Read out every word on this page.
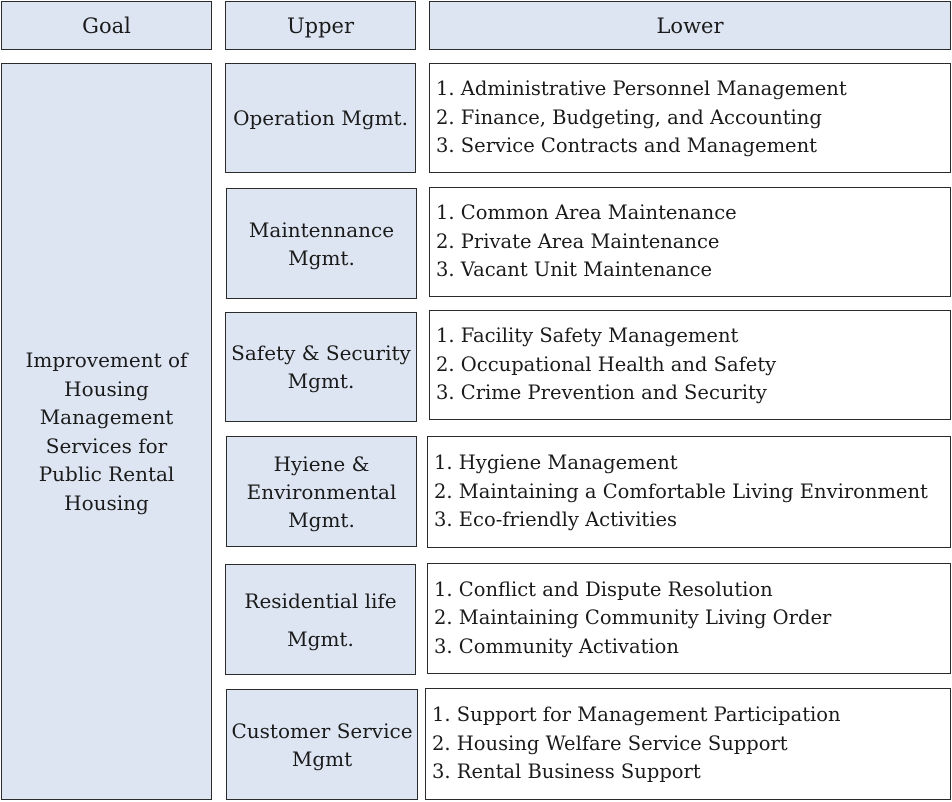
Goal	Upper	Lower
Improvement of
Housing
Management
Services for
Public Rental
Housing
Operation Mgmt.
1. Administrative Personnel Management
2. Finance, Budgeting, and Accounting
3. Service Contracts and Management
Maintennance
Mgmt.
1. Common Area Maintenance
2. Private Area Maintenance
3. Vacant Unit Maintenance
Safety & Security
Mgmt.
1. Facility Safety Management
2. Occupational Health and Safety
3. Crime Prevention and Security
Hyiene &
Environmental
Mgmt.
1. Hygiene Management
2. Maintaining a Comfortable Living Environment
3. Eco-friendly Activities
Residential life
Mgmt.
1. Conflict and Dispute Resolution
2. Maintaining Community Living Order
3. Community Activation
Customer Service
Mgmt
1. Support for Management Participation
2. Housing Welfare Service Support
3. Rental Business Support
